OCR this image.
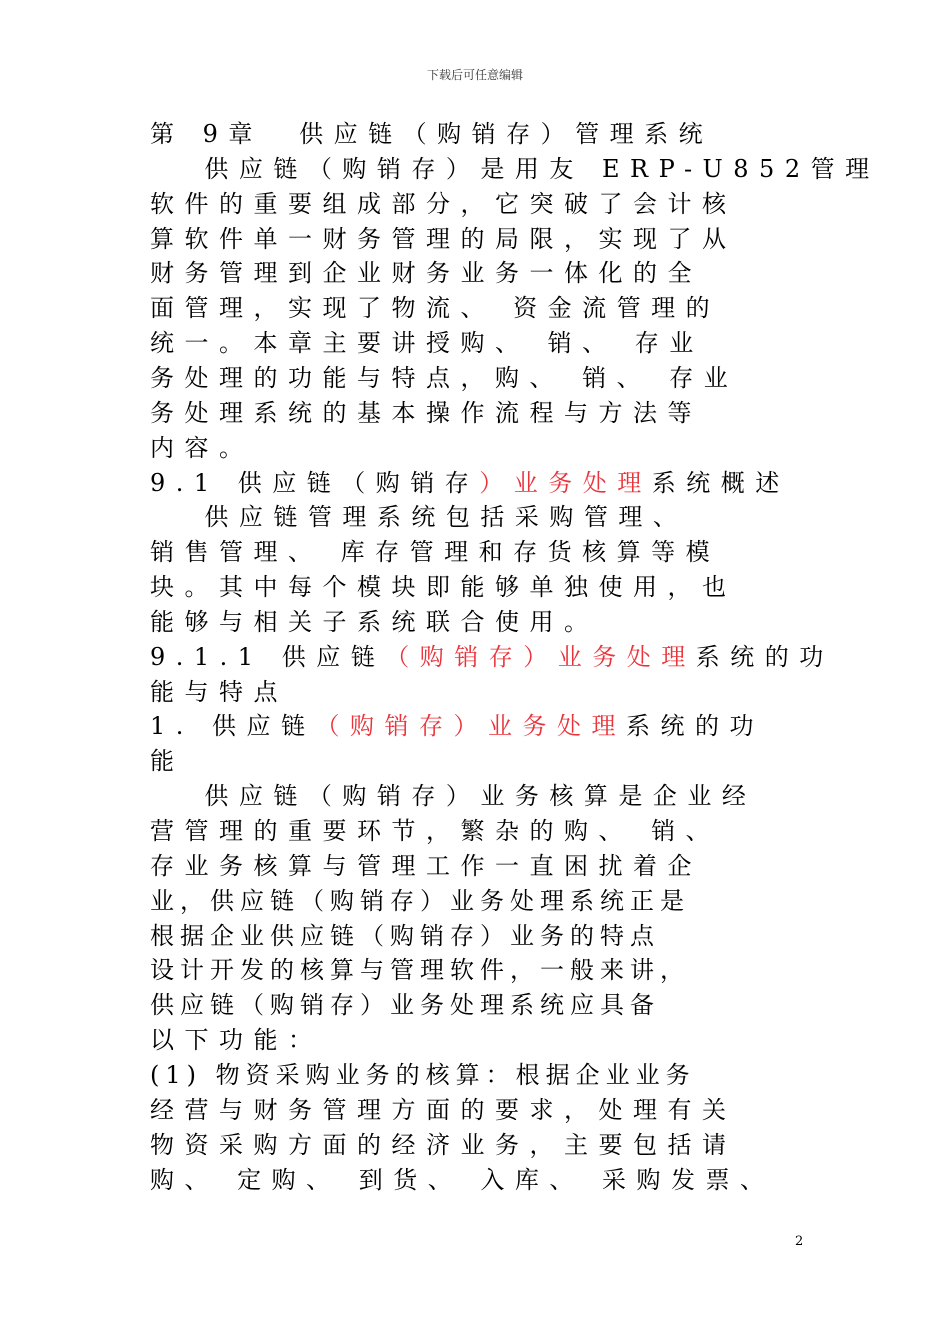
下载后可任意编辑
第 9章  供应链（购销存）管理系统
供应链（购销存）是用友 ERP-U852管理
软件的重要组成部分，它突破了会计核
算软件单一财务管理的局限，实现了从
财务管理到企业财务业务一体化的全
面管理，实现了物流、 资金流管理的
统一。本章主要讲授购、 销、 存业
务处理的功能与特点，购、 销、 存业
务处理系统的基本操作流程与方法等
内容。
9.1 供应链（购销存）业务处理系统概述
供应链管理系统包括采购管理、
销售管理、 库存管理和存货核算等模
块。其中每个模块即能够单独使用，也
能够与相关子系统联合使用。
9.1.1 供应链（购销存）业务处理系统的功
能与特点
1. 供应链（购销存）业务处理系统的功
能
供应链（购销存）业务核算是企业经
营管理的重要环节，繁杂的购、 销、
存业务核算与管理工作一直困扰着企
业，供应链（购销存）业务处理系统正是
根据企业供应链（购销存）业务的特点
设计开发的核算与管理软件，一般来讲，
供应链（购销存）业务处理系统应具备
以下功能：
(1) 物资采购业务的核算：根据企业业务
经营与财务管理方面的要求，处理有关
物资采购方面的经济业务，主要包括请
购、 定购、 到货、 入库、 采购发票、
2
